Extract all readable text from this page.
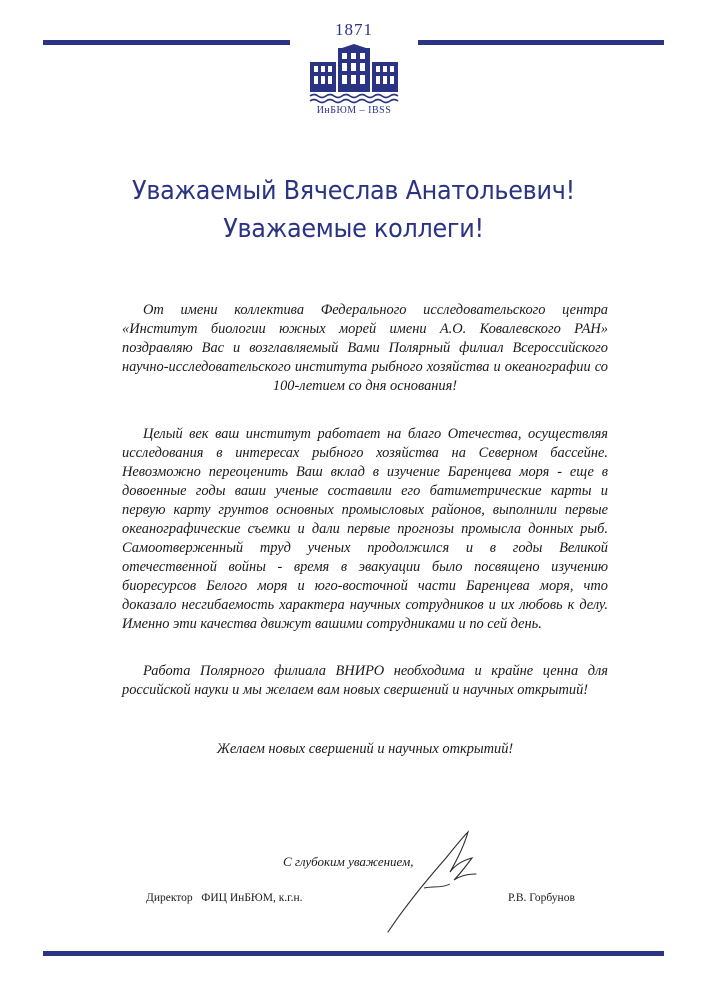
1871
ИнБЮМ – IBSS
Уважаемый Вячеслав Анатольевич!
Уважаемые коллеги!

От имени коллектива Федерального исследовательского центра «Институт биологии южных морей имени А.О. Ковалевского РАН» поздравляю Вас и возглавляемый Вами Полярный филиал Всероссийского научно-исследовательского института рыбного хозяйства и океанографии со 100-летием со дня основания!

Целый век ваш институт работает на благо Отечества, осуществляя исследования в интересах рыбного хозяйства на Северном бассейне. Невозможно переоценить Ваш вклад в изучение Баренцева моря - еще в довоенные годы ваши ученые составили его батиметрические карты и первую карту грунтов основных промысловых районов, выполнили первые океанографические съемки и дали первые прогнозы промысла донных рыб. Самоотверженный труд ученых продолжился и в годы Великой отечественной войны - время в эвакуации было посвящено изучению биоресурсов Белого моря и юго-восточной части Баренцева моря, что доказало несгибаемость характера научных сотрудников и их любовь к делу. Именно эти качества движут вашими сотрудниками и по сей день.

Работа Полярного филиала ВНИРО необходима и крайне ценна для российской науки и мы желаем вам новых свершений и научных открытий!

Желаем новых свершений и научных открытий!
С глубоким уважением,
Директор   ФИЦ ИнБЮМ, к.г.н.	Р.В. Горбунов
